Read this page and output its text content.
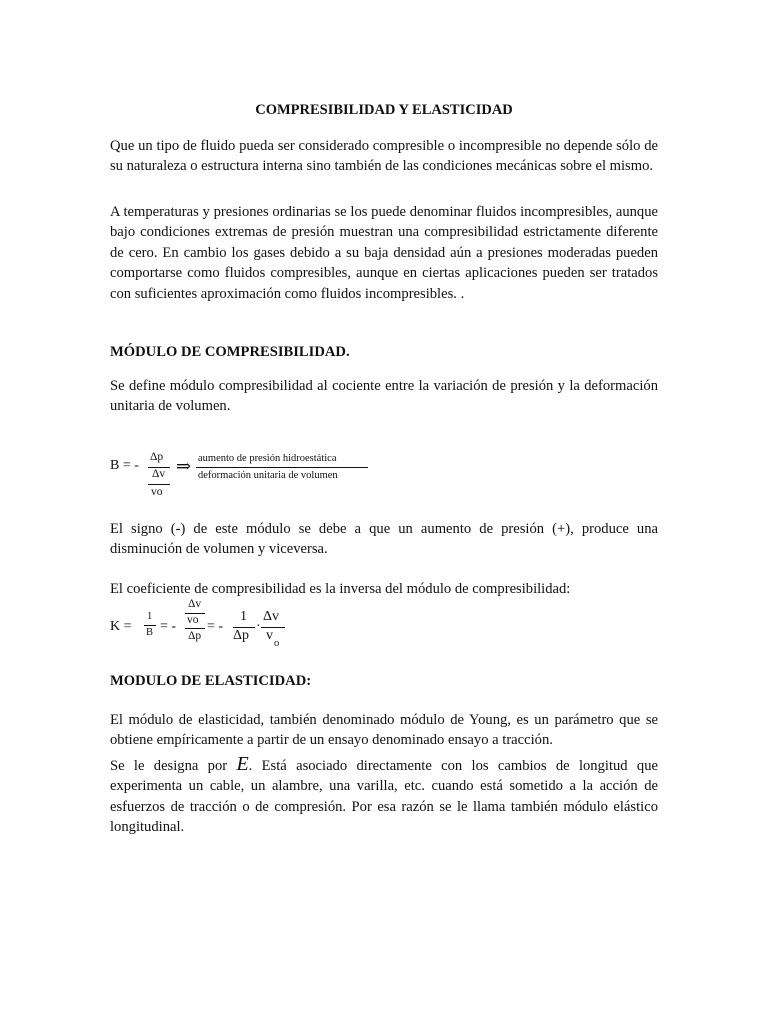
COMPRESIBILIDAD Y ELASTICIDAD
Que un tipo de fluido pueda ser considerado compresible o incompresible no depende sólo de su naturaleza o estructura interna sino también de las condiciones mecánicas sobre el mismo.
A temperaturas y presiones ordinarias se los puede denominar fluidos incompresibles, aunque bajo condiciones extremas de presión muestran una compresibilidad estrictamente diferente de cero. En cambio los gases debido a su baja densidad aún a presiones moderadas pueden comportarse como fluidos compresibles, aunque en ciertas aplicaciones pueden ser tratados con suficientes aproximación como fluidos incompresibles. .
MÓDULO DE COMPRESIBILIDAD.
Se define módulo compresibilidad al cociente entre la variación de presión y la deformación unitaria de volumen.
B = -
Δp
Δv
vo
⇒ aumento de presión hidroestática
deformación unitaria de volumen
El signo (-) de este módulo se debe a que un aumento de presión (+), produce una disminución de volumen y viceversa.
El coeficiente de compresibilidad es la inversa del módulo de compresibilidad:
K =
1
B = -
Δv
vo
Δp
= -
1
Δp
·
Δv
v
o
MODULO DE ELASTICIDAD:
El módulo de elasticidad, también denominado módulo de Young, es un parámetro que se obtiene empíricamente a partir de un ensayo denominado ensayo a tracción.
Se le designa por E. Está asociado directamente con los cambios de longitud que experimenta un cable, un alambre, una varilla, etc. cuando está sometido a la acción de esfuerzos de tracción o de compresión. Por esa razón se le llama también módulo elástico longitudinal.
